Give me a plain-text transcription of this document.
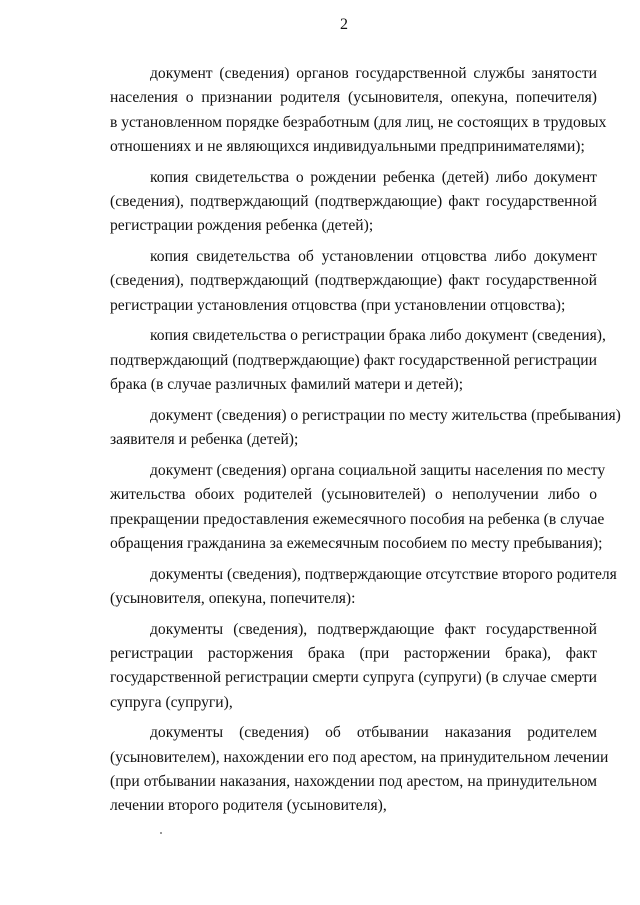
2
документ (сведения) органов государственной службы занятости
населения о признании родителя (усыновителя, опекуна, попечителя)
в установленном порядке безработным (для лиц, не состоящих в трудовых
отношениях и не являющихся индивидуальными предпринимателями);
копия свидетельства о рождении ребенка (детей) либо документ
(сведения), подтверждающий (подтверждающие) факт государственной
регистрации рождения ребенка (детей);
копия свидетельства об установлении отцовства либо документ
(сведения), подтверждающий (подтверждающие) факт государственной
регистрации установления отцовства (при установлении отцовства);
копия свидетельства о регистрации брака либо документ (сведения),
подтверждающий (подтверждающие) факт государственной регистрации
брака (в случае различных фамилий матери и детей);
документ (сведения) о регистрации по месту жительства (пребывания)
заявителя и ребенка (детей);
документ (сведения) органа социальной защиты населения по месту
жительства обоих родителей (усыновителей) о неполучении либо о
прекращении предоставления ежемесячного пособия на ребенка (в случае
обращения гражданина за ежемесячным пособием по месту пребывания);
документы (сведения), подтверждающие отсутствие второго родителя
(усыновителя, опекуна, попечителя):
документы (сведения), подтверждающие факт государственной
регистрации расторжения брака (при расторжении брака), факт
государственной регистрации смерти супруга (супруги) (в случае смерти
супруга (супруги),
документы (сведения) об отбывании наказания родителем
(усыновителем), нахождении его под арестом, на принудительном лечении
(при отбывании наказания, нахождении под арестом, на принудительном
лечении второго родителя (усыновителя),
